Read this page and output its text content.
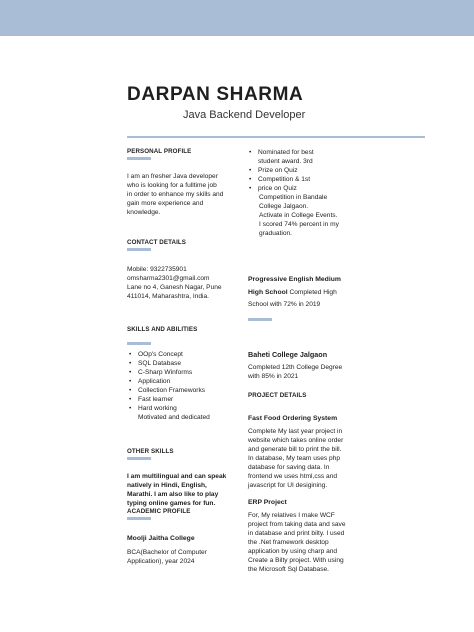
DARPAN SHARMA
Java Backend Developer
PERSONAL PROFILE
I am an fresher Java developer
who is looking for a fulltime job
in order to enhance my skills and
gain more experience and
knowledge.
CONTACT DETAILS
Mobile: 9322735901
omsharma2301@gmail.com
Lane no 4, Ganesh Nagar, Pune
411014, Maharashtra, India.
SKILLS AND ABILITIES
• OOp's Concept
• SQL Database
• C-Sharp Winforms
• Application
• Collection Frameworks
• Fast learner
• Hard working
Motivated and dedicated
OTHER SKILLS
I am multilingual and can speak
natively in Hindi, English,
Marathi. I am also like to play
typing online games for fun.
ACADEMIC PROFILE
Moolji Jaitha College
BCA(Bachelor of Computer
Application), year 2024
• Nominated for best
student award. 3rd
• Prize on Quiz
• Competition & 1st
• price on Quiz
Competition in Bandale
College Jalgaon.
Activate in College Events.
I scored 74% percent in my
graduation.
Progressive English Medium
High School Completed High
School with 72% in 2019
Baheti College Jalgaon
Completed 12th College Degree
with 85% in 2021
PROJECT DETAILS
Fast Food Ordering System
Complete My last year project in
website which takes online order
and generate bill to print the bill.
In database, My team uses php
database for saving data. In
frontend we uses html,css and
javascript for UI desigining.
ERP Project
For, My relatives I make WCF
project from taking data and save
in database and print bilty. I used
the .Net framework desktop
application by using charp and
Create a Bilty project. With using
the Microsoft Sql Database.
